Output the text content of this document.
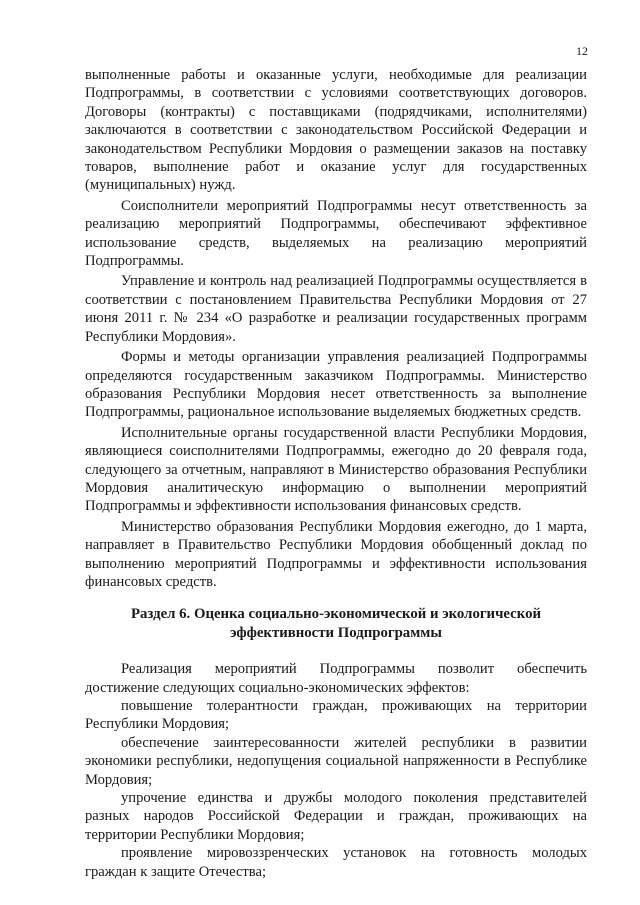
12

выполненные работы и оказанные услуги, необходимые для реализации Подпрограммы, в соответствии с условиями соответствующих договоров. Договоры (контракты) с поставщиками (подрядчиками, исполнителями) заключаются в соответствии с законодательством Российской Федерации и законодательством Республики Мордовия о размещении заказов на поставку товаров, выполнение работ и оказание услуг для государственных (муниципальных) нужд.

Соисполнители мероприятий Подпрограммы несут ответственность за реализацию мероприятий Подпрограммы, обеспечивают эффективное использование средств, выделяемых на реализацию мероприятий Подпрограммы.

Управление и контроль над реализацией Подпрограммы осуществляется в соответствии с постановлением Правительства Республики Мордовия от 27 июня 2011 г. № 234 «О разработке и реализации государственных программ Республики Мордовия».

Формы и методы организации управления реализацией Подпрограммы определяются государственным заказчиком Подпрограммы. Министерство образования Республики Мордовия несет ответственность за выполнение Подпрограммы, рациональное использование выделяемых бюджетных средств.

Исполнительные органы государственной власти Республики Мордовия, являющиеся соисполнителями Подпрограммы, ежегодно до 20 февраля года, следующего за отчетным, направляют в Министерство образования Республики Мордовия аналитическую информацию о выполнении мероприятий Подпрограммы и эффективности использования финансовых средств.

Министерство образования Республики Мордовия ежегодно, до 1 марта, направляет в Правительство Республики Мордовия обобщенный доклад по выполнению мероприятий Подпрограммы и эффективности использования финансовых средств.

Раздел 6. Оценка социально-экономической и экологической
эффективности Подпрограммы

Реализация мероприятий Подпрограммы позволит обеспечить достижение следующих социально-экономических эффектов:

повышение толерантности граждан, проживающих на территории Республики Мордовия;

обеспечение заинтересованности жителей республики в развитии экономики республики, недопущения социальной напряженности в Республике Мордовия;

упрочение единства и дружбы молодого поколения представителей разных народов Российской Федерации и граждан, проживающих на территории Республики Мордовия;

проявление мировоззренческих установок на готовность молодых граждан к защите Отечества;
